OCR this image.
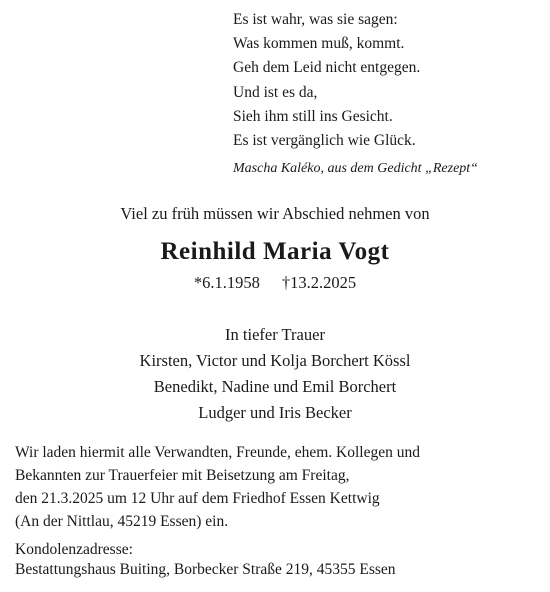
Es ist wahr, was sie sagen:
Was kommen muß, kommt.
Geh dem Leid nicht entgegen.
Und ist es da,
Sieh ihm still ins Gesicht.
Es ist vergänglich wie Glück.
Mascha Kaléko, aus dem Gedicht „Rezept“
Viel zu früh müssen wir Abschied nehmen von
Reinhild Maria Vogt
*6.1.1958 †13.2.2025
In tiefer Trauer
Kirsten, Victor und Kolja Borchert Kössl
Benedikt, Nadine und Emil Borchert
Ludger und Iris Becker
Wir laden hiermit alle Verwandten, Freunde, ehem. Kollegen und
Bekannten zur Trauerfeier mit Beisetzung am Freitag,
den 21.3.2025 um 12 Uhr auf dem Friedhof Essen Kettwig
(An der Nittlau, 45219 Essen) ein.
Kondolenzadresse:
Bestattungshaus Buiting, Borbecker Straße 219, 45355 Essen
